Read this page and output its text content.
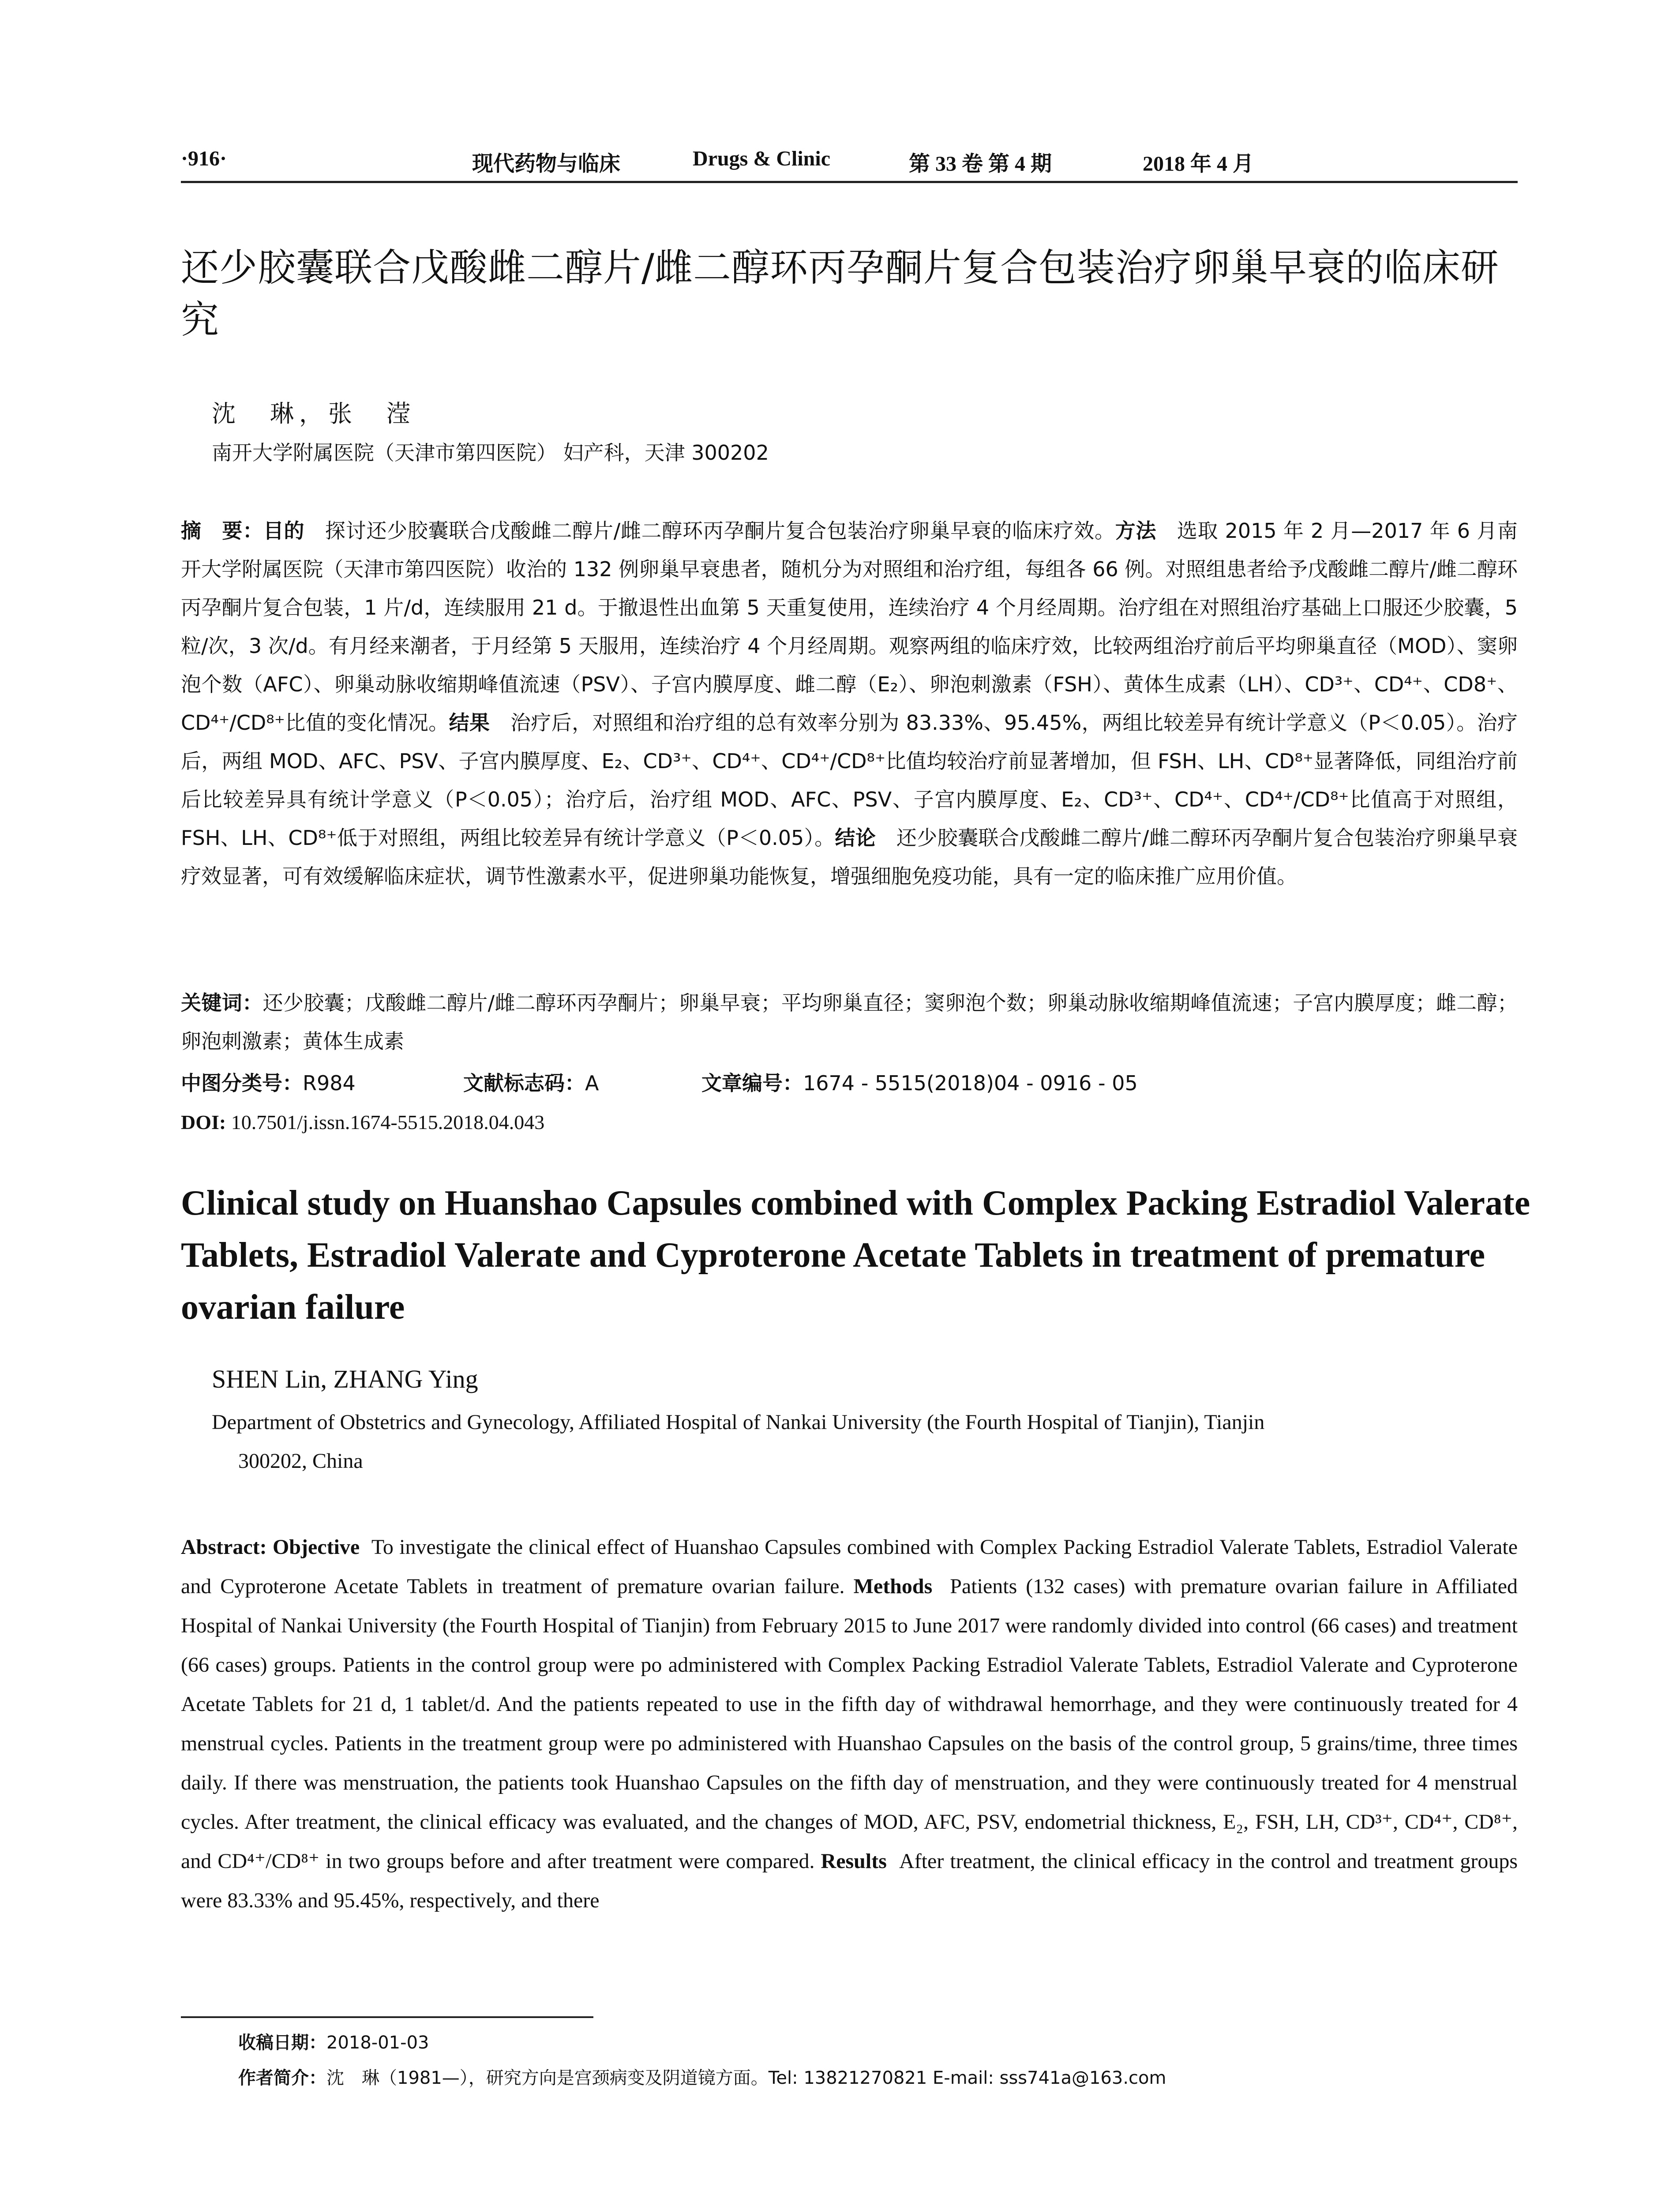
·916·	现代药物与临床	Drugs & Clinic	第 33 卷 第 4 期	2018 年 4 月
还少胶囊联合戊酸雌二醇片/雌二醇环丙孕酮片复合包装治疗卵巢早衰的临床研究
沈　琳，张　滢
南开大学附属医院（天津市第四医院） 妇产科，天津 300202
摘　要：目的　 探讨还少胶囊联合戊酸雌二醇片/雌二醇环丙孕酮片复合包装治疗卵巢早衰的临床疗效。方法　 选取 2015 年 2 月—2017 年 6 月南开大学附属医院（天津市第四医院）收治的 132 例卵巢早衰患者，随机分为对照组和治疗组，每组各 66 例。对照组患者给予戊酸雌二醇片/雌二醇环丙孕酮片复合包装，1 片/d，连续服用 21 d。于撤退性出血第 5 天重复使用，连续治疗 4 个月经周期。治疗组在对照组治疗基础上口服还少胶囊，5 粒/次，3 次/d。有月经来潮者，于月经第 5 天服用，连续治疗 4 个月经周期。观察两组的临床疗效，比较两组治疗前后平均卵巢直径（MOD）、窦卵泡个数（AFC）、卵巢动脉收缩期峰值流速（PSV）、子宫内膜厚度、雌二醇（E₂）、卵泡刺激素（FSH）、黄体生成素（LH）、CD³⁺、CD⁴⁺、CD8⁺、CD⁴⁺/CD⁸⁺比值的变化情况。结果　 治疗后，对照组和治疗组的总有效率分别为 83.33%、95.45%，两组比较差异有统计学意义（P＜0.05）。治疗后，两组 MOD、AFC、PSV、子宫内膜厚度、E₂、CD³⁺、CD⁴⁺、CD⁴⁺/CD⁸⁺比值均较治疗前显著增加，但 FSH、LH、CD⁸⁺显著降低，同组治疗前后比较差异具有统计学意义（P＜0.05）；治疗后，治疗组 MOD、AFC、PSV、子宫内膜厚度、E₂、CD³⁺、CD⁴⁺、CD⁴⁺/CD⁸⁺比值高于对照组，FSH、LH、CD⁸⁺低于对照组，两组比较差异有统计学意义（P＜0.05）。结论　 还少胶囊联合戊酸雌二醇片/雌二醇环丙孕酮片复合包装治疗卵巢早衰疗效显著，可有效缓解临床症状，调节性激素水平，促进卵巢功能恢复，增强细胞免疫功能，具有一定的临床推广应用价值。
关键词：还少胶囊；戊酸雌二醇片/雌二醇环丙孕酮片；卵巢早衰；平均卵巢直径；窦卵泡个数；卵巢动脉收缩期峰值流速；子宫内膜厚度；雌二醇；卵泡刺激素；黄体生成素
中图分类号：R984	文献标志码：A	文章编号：1674 - 5515(2018)04 - 0916 - 05
DOI: 10.7501/j.issn.1674-5515.2018.04.043
Clinical study on Huanshao Capsules combined with Complex Packing Estradiol Valerate Tablets, Estradiol Valerate and Cyproterone Acetate Tablets in treatment of premature ovarian failure
SHEN Lin, ZHANG Ying
Department of Obstetrics and Gynecology, Affiliated Hospital of Nankai University (the Fourth Hospital of Tianjin), Tianjin
300202, China
Abstract: Objective To investigate the clinical effect of Huanshao Capsules combined with Complex Packing Estradiol Valerate Tablets, Estradiol Valerate and Cyproterone Acetate Tablets in treatment of premature ovarian failure. Methods Patients (132 cases) with premature ovarian failure in Affiliated Hospital of Nankai University (the Fourth Hospital of Tianjin) from February 2015 to June 2017 were randomly divided into control (66 cases) and treatment (66 cases) groups. Patients in the control group were po administered with Complex Packing Estradiol Valerate Tablets, Estradiol Valerate and Cyproterone Acetate Tablets for 21 d, 1 tablet/d. And the patients repeated to use in the fifth day of withdrawal hemorrhage, and they were continuously treated for 4 menstrual cycles. Patients in the treatment group were po administered with Huanshao Capsules on the basis of the control group, 5 grains/time, three times daily. If there was menstruation, the patients took Huanshao Capsules on the fifth day of menstruation, and they were continuously treated for 4 menstrual cycles. After treatment, the clinical efficacy was evaluated, and the changes of MOD, AFC, PSV, endometrial thickness, E₂, FSH, LH, CD³⁺, CD⁴⁺, CD⁸⁺, and CD⁴⁺/CD⁸⁺ in two groups before and after treatment were compared. Results After treatment, the clinical efficacy in the control and treatment groups were 83.33% and 95.45%, respectively, and there
收稿日期：2018-01-03
作者简介：沈　琳（1981—），研究方向是宫颈病变及阴道镜方面。Tel: 13821270821 E-mail: sss741a@163.com
